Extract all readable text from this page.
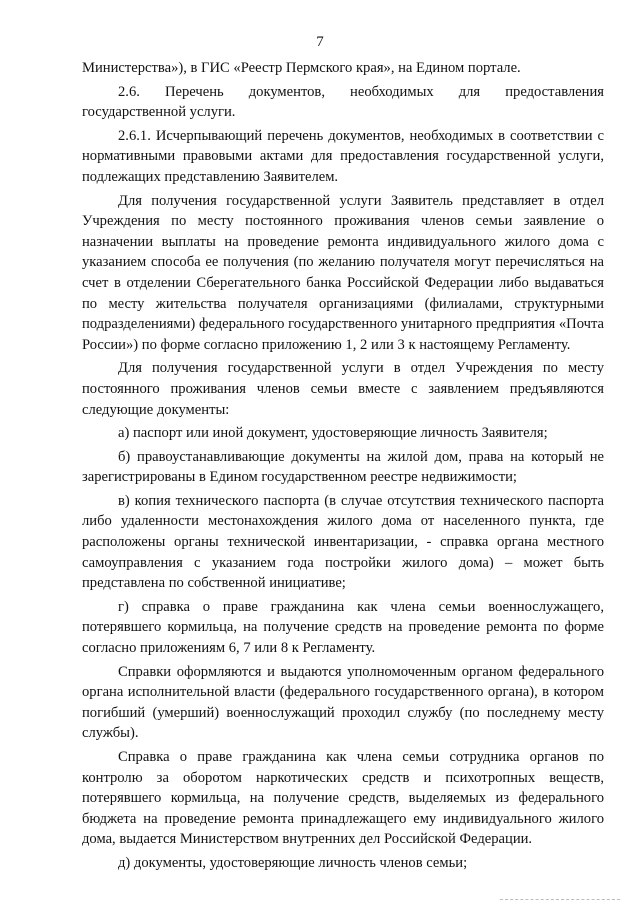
7

Министерства»), в ГИС «Реестр Пермского края», на Едином портале.

2.6. Перечень документов, необходимых для предоставления государственной услуги.

2.6.1. Исчерпывающий перечень документов, необходимых в соответствии с нормативными правовыми актами для предоставления государственной услуги, подлежащих представлению Заявителем.

Для получения государственной услуги Заявитель представляет в отдел Учреждения по месту постоянного проживания членов семьи заявление о назначении выплаты на проведение ремонта индивидуального жилого дома с указанием способа ее получения (по желанию получателя могут перечисляться на счет в отделении Сберегательного банка Российской Федерации либо выдаваться по месту жительства получателя организациями (филиалами, структурными подразделениями) федерального государственного унитарного предприятия «Почта России») по форме согласно приложению 1, 2 или 3 к настоящему Регламенту.

Для получения государственной услуги в отдел Учреждения по месту постоянного проживания членов семьи вместе с заявлением предъявляются следующие документы:

а) паспорт или иной документ, удостоверяющие личность Заявителя;

б) правоустанавливающие документы на жилой дом, права на который не зарегистрированы в Едином государственном реестре недвижимости;

в) копия технического паспорта (в случае отсутствия технического паспорта либо удаленности местонахождения жилого дома от населенного пункта, где расположены органы технической инвентаризации, - справка органа местного самоуправления с указанием года постройки жилого дома) – может быть представлена по собственной инициативе;

г) справка о праве гражданина как члена семьи военнослужащего, потерявшего кормильца, на получение средств на проведение ремонта по форме согласно приложениям 6, 7 или 8 к Регламенту.

Справки оформляются и выдаются уполномоченным органом федерального органа исполнительной власти (федерального государственного органа), в котором погибший (умерший) военнослужащий проходил службу (по последнему месту службы).

Справка о праве гражданина как члена семьи сотрудника органов по контролю за оборотом наркотических средств и психотропных веществ, потерявшего кормильца, на получение средств, выделяемых из федерального бюджета на проведение ремонта принадлежащего ему индивидуального жилого дома, выдается Министерством внутренних дел Российской Федерации.

д) документы, удостоверяющие личность членов семьи;
